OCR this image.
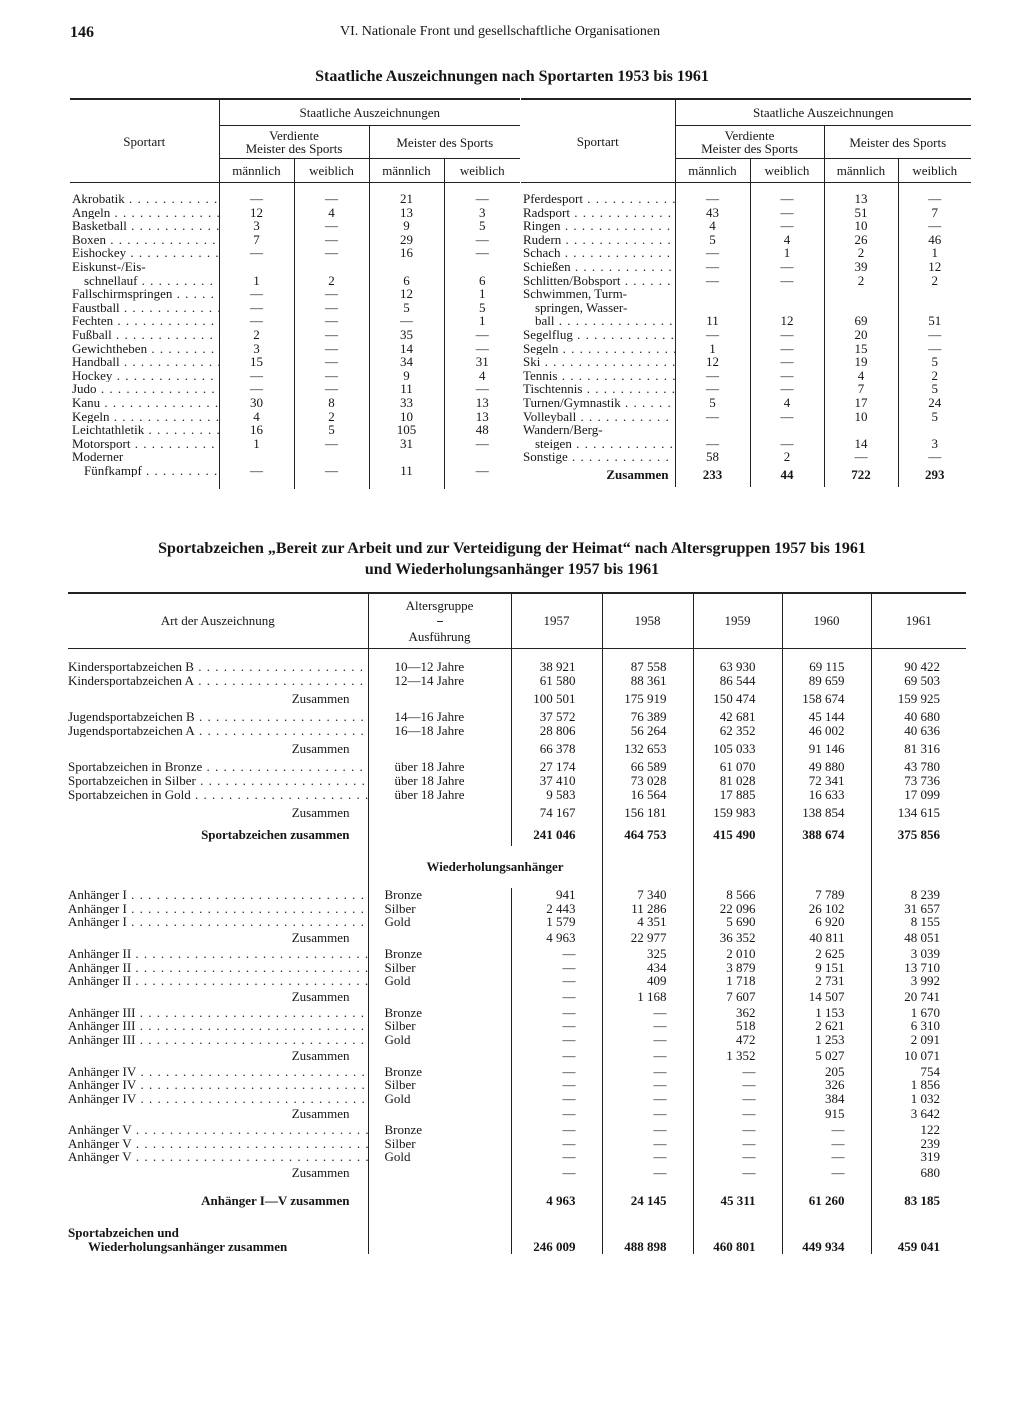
146	VI. Nationale Front und gesellschaftliche Organisationen
Staatliche Auszeichnungen nach Sportarten 1953 bis 1961
Sportart	Staatliche Auszeichnungen			
	Verdiente
Meister des Sports		Meister des Sports	
	männlich	weiblich	männlich	weiblich

Akrobatik . . .	—	—	21	—
Angeln . . .	12	4	13	3
Basketball . . .	3	—	9	5
Boxen . . .	7	—	29	—
Eishockey . . .	—	—	16	—
Eiskunst-/Eis-				
schnellauf . . .	1	2	6	6
Fallschirmspringen . . .	—	—	12	1
Faustball . . .	—	—	5	5
Fechten . . .	—	—	—	1
Fußball . . .	2	—	35	—
Gewichtheben . . .	3	—	14	—
Handball . . .	15	—	34	31
Hockey . . .	—	—	9	4
Judo . . .	—	—	11	—
Kanu . . .	30	8	33	13
Kegeln . . .	4	2	10	13
Leichtathletik . . .	16	5	105	48
Motorsport . . .	1	—	31	—
Moderner				
Fünfkampf . . .	—	—	11	—

Sportart	Staatliche Auszeichnungen			
	Verdiente
Meister des Sports		Meister des Sports	
	männlich	weiblich	männlich	weiblich

Pferdesport . . .	—	—	13	—
Radsport . . .	43	—	51	7
Ringen . . .	4	—	10	—
Rudern . . .	5	4	26	46
Schach . . .	—	1	2	1
Schießen . . .	—	—	39	12
Schlitten/Bobsport . . .	—	—	2	2
Schwimmen, Turm-				
springen, Wasser-				
ball . . .	11	12	69	51
Segelflug . . .	—	—	20	—
Segeln . . .	1	—	15	—
Ski . . .	12	—	19	5
Tennis . . .	—	—	4	2
Tischtennis . . .	—	—	7	5
Turnen/Gymnastik . . .	5	4	17	24
Volleyball . . .	—	—	10	5
Wandern/Berg-				
steigen . . .	—	—	14	3
Sonstige . . .	58	2	—	—
Zusammen	233	44	722	293

Sportabzeichen „Bereit zur Arbeit und zur Verteidigung der Heimat“ nach Altersgruppen 1957 bis 1961
und Wiederholungsanhänger 1957 bis 1961
Art der Auszeichnung	Altersgruppe
Ausführung	1957	1958	1959	1960	1961

Kindersportabzeichen B . . .	10—12 Jahre	38 921	87 558	63 930	69 115	90 422
Kindersportabzeichen A . . .	12—14 Jahre	61 580	88 361	86 544	89 659	69 503
Zusammen		100 501	175 919	150 474	158 674	159 925
Jugendsportabzeichen B . . .	14—16 Jahre	37 572	76 389	42 681	45 144	40 680
Jugendsportabzeichen A . . .	16—18 Jahre	28 806	56 264	62 352	46 002	40 636
Zusammen		66 378	132 653	105 033	91 146	81 316
Sportabzeichen in Bronze . . .	über 18 Jahre	27 174	66 589	61 070	49 880	43 780
Sportabzeichen in Silber . . .	über 18 Jahre	37 410	73 028	81 028	72 341	73 736
Sportabzeichen in Gold . . .	über 18 Jahre	9 583	16 564	17 885	16 633	17 099
Zusammen		74 167	156 181	159 983	138 854	134 615
Sportabzeichen zusammen		241 046	464 753	415 490	388 674	375 856
	Wiederholungsanhänger					
Anhänger I . . .	Bronze	941	7 340	8 566	7 789	8 239
Anhänger I . . .	Silber	2 443	11 286	22 096	26 102	31 657
Anhänger I . . .	Gold	1 579	4 351	5 690	6 920	8 155
Zusammen		4 963	22 977	36 352	40 811	48 051
Anhänger II . . .	Bronze	—	325	2 010	2 625	3 039
Anhänger II . . .	Silber	—	434	3 879	9 151	13 710
Anhänger II . . .	Gold	—	409	1 718	2 731	3 992
Zusammen		—	1 168	7 607	14 507	20 741
Anhänger III . . .	Bronze	—	—	362	1 153	1 670
Anhänger III . . .	Silber	—	—	518	2 621	6 310
Anhänger III . . .	Gold	—	—	472	1 253	2 091
Zusammen		—	—	1 352	5 027	10 071
Anhänger IV . . .	Bronze	—	—	—	205	754
Anhänger IV . . .	Silber	—	—	—	326	1 856
Anhänger IV . . .	Gold	—	—	—	384	1 032
Zusammen		—	—	—	915	3 642
Anhänger V . . .	Bronze	—	—	—	—	122
Anhänger V . . .	Silber	—	—	—	—	239
Anhänger V . . .	Gold	—	—	—	—	319
Zusammen		—	—	—	—	680
Anhänger I—V zusammen		4 963	24 145	45 311	61 260	83 185

Sportabzeichen und
Wiederholungsanhänger zusammen		246 009	488 898	460 801	449 934	459 041
